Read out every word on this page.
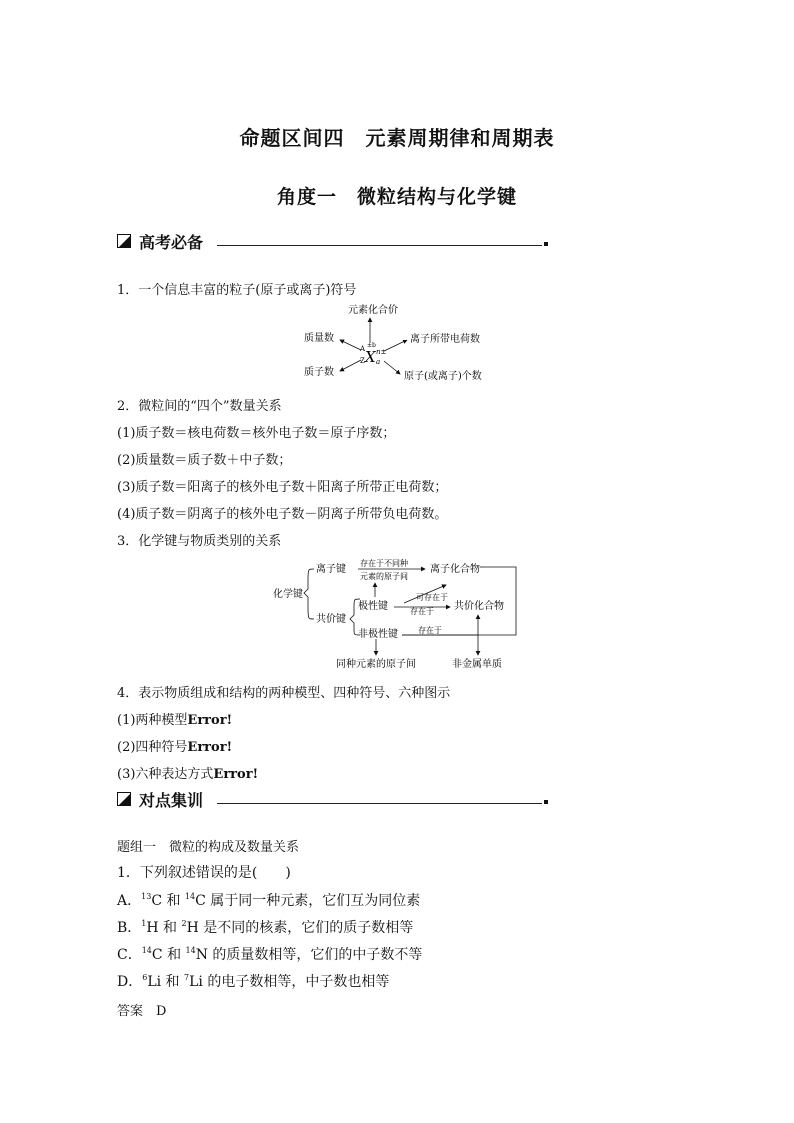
命题区间四　元素周期律和周期表
角度一　微粒结构与化学键
高考必备
1．一个信息丰富的粒子(原子或离子)符号
元素化合价
质量数
质子数
离子所带电荷数
原子(或离子)个数
A
Z X
±b
n±
a
2．微粒间的“四个”数量关系
(1)质子数＝核电荷数＝核外电子数＝原子序数；
(2)质量数＝质子数＋中子数；
(3)质子数＝阳离子的核外电子数＋阳离子所带正电荷数；
(4)质子数＝阴离子的核外电子数－阴离子所带负电荷数。
3．化学键与物质类别的关系
化学键
离子键
共价键
极性键
非极性键
离子化合物
共价化合物
存在于不同种
元素的原子间
可存在于
存在于
存在于
同种元素的原子间	非金属单质
4．表示物质组成和结构的两种模型、四种符号、六种图示
(1)两种模型Error!
(2)四种符号Error!
(3)六种表达方式Error!
对点集训
题组一　微粒的构成及数量关系
1．下列叙述错误的是(　　)
A．$^{13}$C 和 $^{14}$C 属于同一种元素，它们互为同位素
B．$^1$H 和 $^2$H 是不同的核素，它们的质子数相等
C．$^{14}$C 和 $^{14}$N 的质量数相等，它们的中子数不等
D．$^6$Li 和 $^7$Li 的电子数相等，中子数也相等
答案　D
